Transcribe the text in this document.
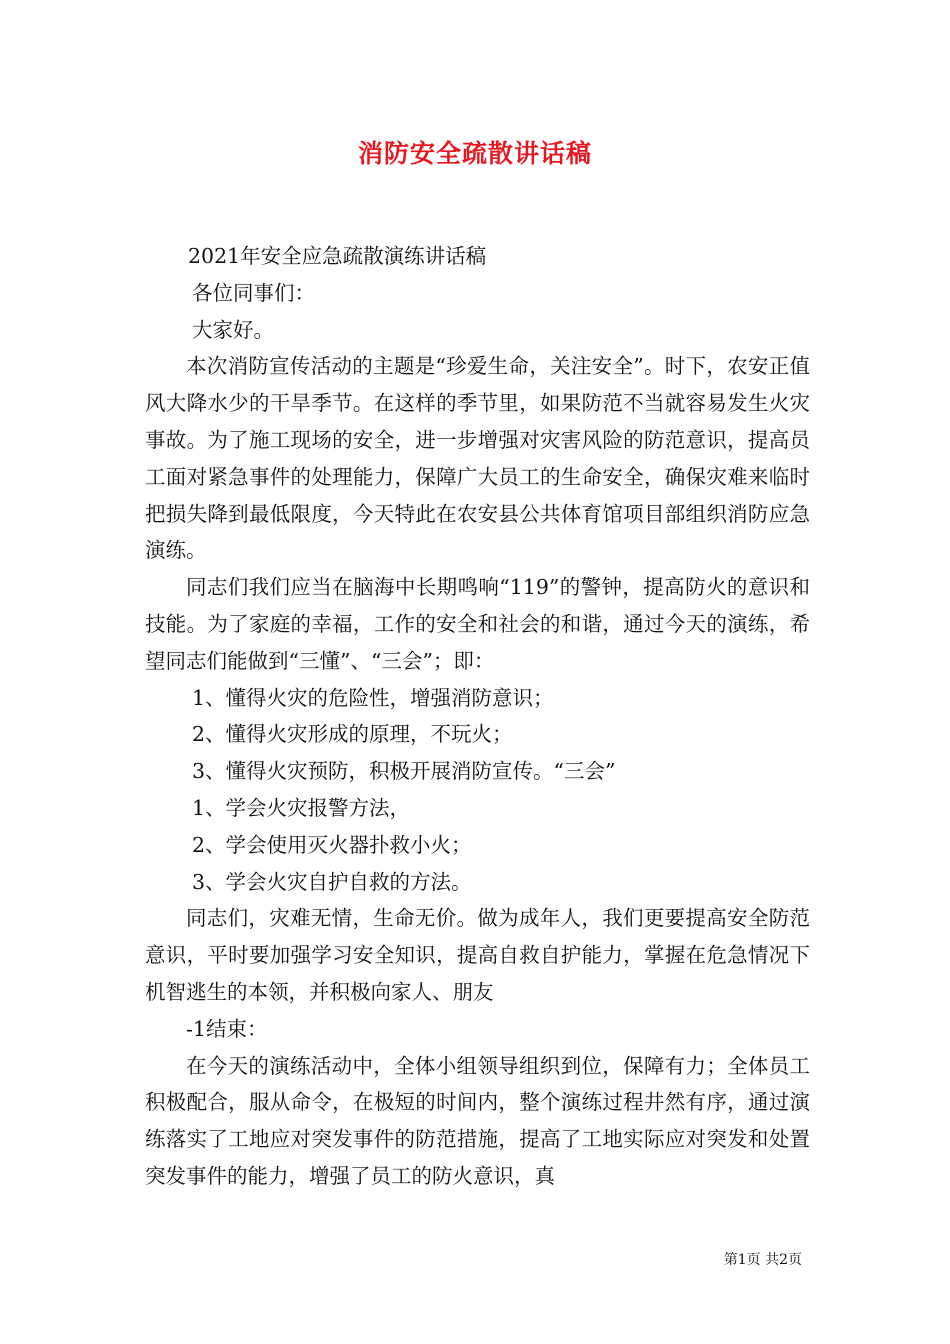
消防安全疏散讲话稿

2021年安全应急疏散演练讲话稿

各位同事们：

大家好。

本次消防宣传活动的主题是“珍爱生命，关注安全”。时下，农安正值风大降水少的干旱季节。在这样的季节里，如果防范不当就容易发生火灾事故。为了施工现场的安全，进一步增强对灾害风险的防范意识，提高员工面对紧急事件的处理能力，保障广大员工的生命安全，确保灾难来临时把损失降到最低限度，今天特此在农安县公共体育馆项目部组织消防应急演练。

同志们我们应当在脑海中长期鸣响“119”的警钟，提高防火的意识和技能。为了家庭的幸福，工作的安全和社会的和谐，通过今天的演练，希望同志们能做到“三懂”、“三会”；即：

1、懂得火灾的危险性，增强消防意识；

2、懂得火灾形成的原理，不玩火；

3、懂得火灾预防，积极开展消防宣传。“三会”

1、学会火灾报警方法，

2、学会使用灭火器扑救小火；

3、学会火灾自护自救的方法。

同志们，灾难无情，生命无价。做为成年人，我们更要提高安全防范意识，平时要加强学习安全知识，提高自救自护能力，掌握在危急情况下机智逃生的本领，并积极向家人、朋友

-1结束：

在今天的演练活动中，全体小组领导组织到位，保障有力；全体员工积极配合，服从命令，在极短的时间内，整个演练过程井然有序，通过演练落实了工地应对突发事件的防范措施，提高了工地实际应对突发和处置突发事件的能力，增强了员工的防火意识，真

第1页 共2页
